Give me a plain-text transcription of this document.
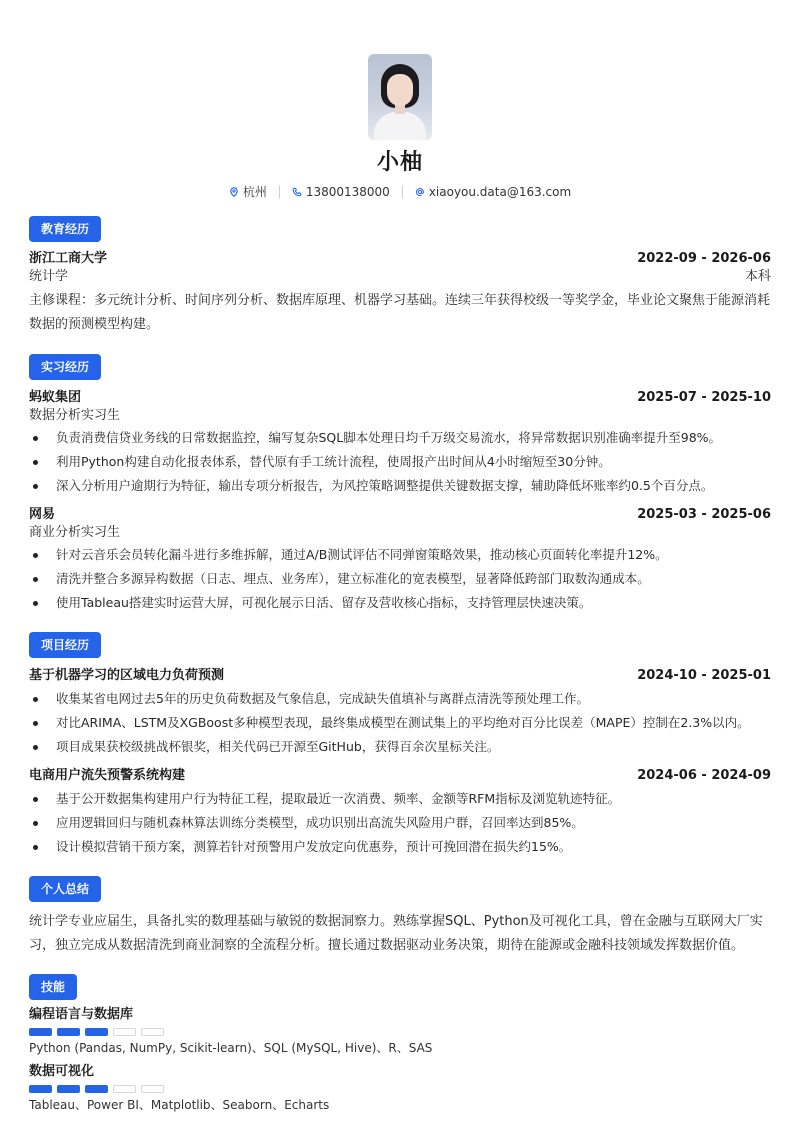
小柚
杭州	13800138000	xiaoyou.data@163.com
教育经历
浙江工商大学	2022-09 - 2026-06
统计学	本科
主修课程：多元统计分析、时间序列分析、数据库原理、机器学习基础。连续三年获得校级一等奖学金，毕业论文聚焦于能源消耗数据的预测模型构建。
实习经历
蚂蚁集团	2025-07 - 2025-10
数据分析实习生
负责消费信贷业务线的日常数据监控，编写复杂SQL脚本处理日均千万级交易流水，将异常数据识别准确率提升至98%。
利用Python构建自动化报表体系，替代原有手工统计流程，使周报产出时间从4小时缩短至30分钟。
深入分析用户逾期行为特征，输出专项分析报告，为风控策略调整提供关键数据支撑，辅助降低坏账率约0.5个百分点。
网易	2025-03 - 2025-06
商业分析实习生
针对云音乐会员转化漏斗进行多维拆解，通过A/B测试评估不同弹窗策略效果，推动核心页面转化率提升12%。
清洗并整合多源异构数据（日志、埋点、业务库），建立标准化的宽表模型，显著降低跨部门取数沟通成本。
使用Tableau搭建实时运营大屏，可视化展示日活、留存及营收核心指标，支持管理层快速决策。
项目经历
基于机器学习的区域电力负荷预测	2024-10 - 2025-01
收集某省电网过去5年的历史负荷数据及气象信息，完成缺失值填补与离群点清洗等预处理工作。
对比ARIMA、LSTM及XGBoost多种模型表现，最终集成模型在测试集上的平均绝对百分比误差（MAPE）控制在2.3%以内。
项目成果获校级挑战杯银奖，相关代码已开源至GitHub，获得百余次星标关注。
电商用户流失预警系统构建	2024-06 - 2024-09
基于公开数据集构建用户行为特征工程，提取最近一次消费、频率、金额等RFM指标及浏览轨迹特征。
应用逻辑回归与随机森林算法训练分类模型，成功识别出高流失风险用户群，召回率达到85%。
设计模拟营销干预方案，测算若针对预警用户发放定向优惠券，预计可挽回潜在损失约15%。
个人总结
统计学专业应届生，具备扎实的数理基础与敏锐的数据洞察力。熟练掌握SQL、Python及可视化工具，曾在金融与互联网大厂实习，独立完成从数据清洗到商业洞察的全流程分析。擅长通过数据驱动业务决策，期待在能源或金融科技领域发挥数据价值。
技能
编程语言与数据库
Python (Pandas, NumPy, Scikit-learn)、SQL (MySQL, Hive)、R、SAS
数据可视化
Tableau、Power BI、Matplotlib、Seaborn、Echarts
